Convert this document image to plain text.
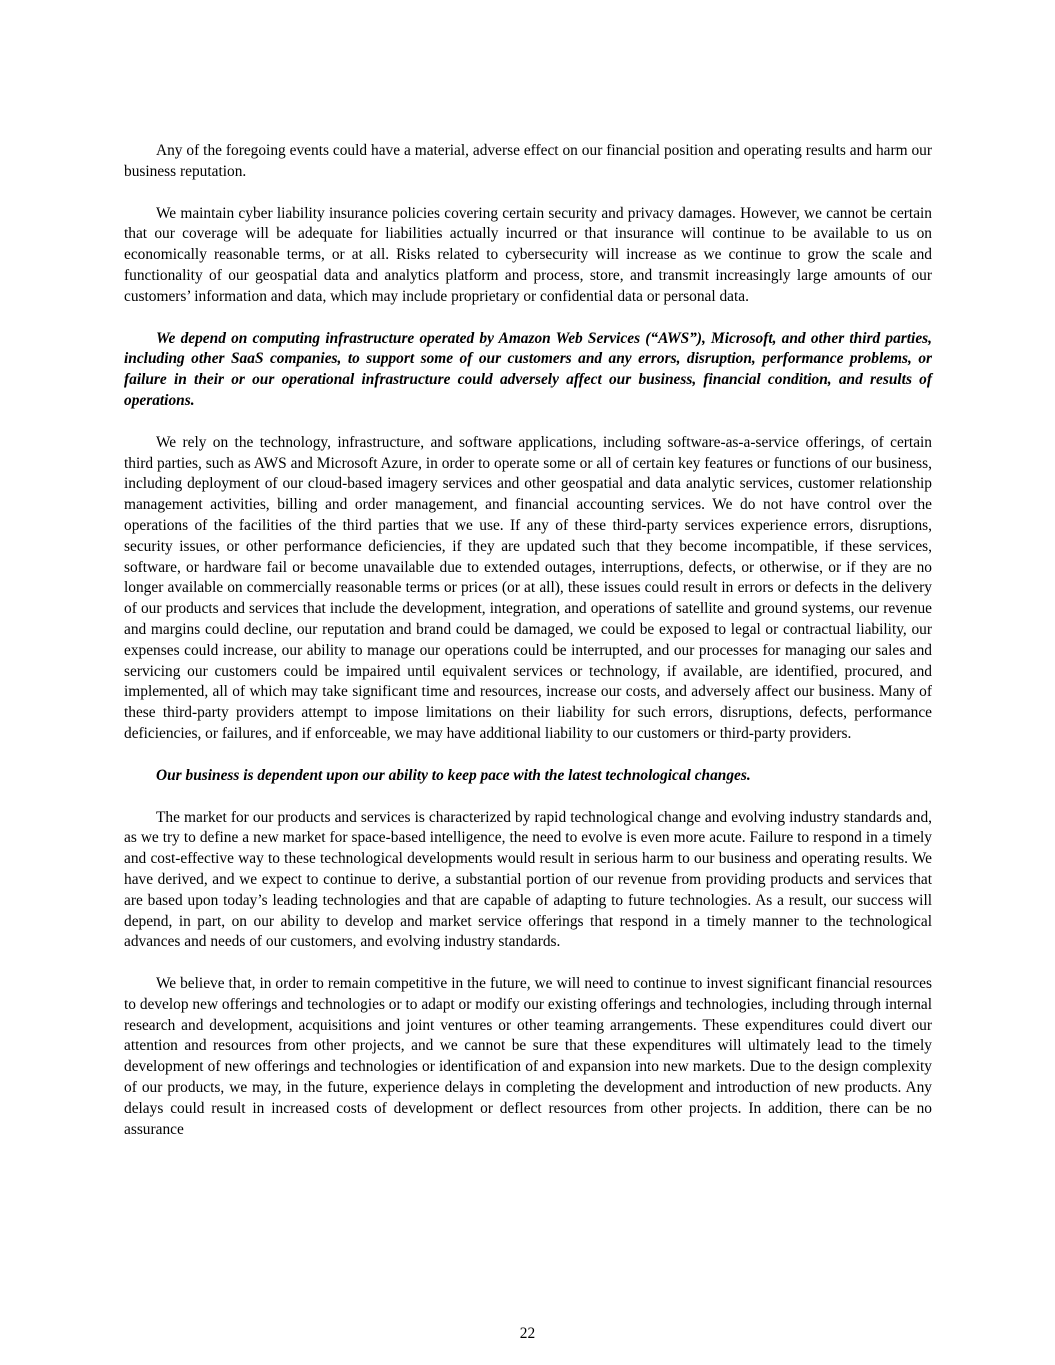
Any of the foregoing events could have a material, adverse effect on our financial position and operating results and harm our business reputation.

We maintain cyber liability insurance policies covering certain security and privacy damages. However, we cannot be certain that our coverage will be adequate for liabilities actually incurred or that insurance will continue to be available to us on economically reasonable terms, or at all. Risks related to cybersecurity will increase as we continue to grow the scale and functionality of our geospatial data and analytics platform and process, store, and transmit increasingly large amounts of our customers’ information and data, which may include proprietary or confidential data or personal data.

We depend on computing infrastructure operated by Amazon Web Services (“AWS”), Microsoft, and other third parties, including other SaaS companies, to support some of our customers and any errors, disruption, performance problems, or failure in their or our operational infrastructure could adversely affect our business, financial condition, and results of operations.

We rely on the technology, infrastructure, and software applications, including software-as-a-service offerings, of certain third parties, such as AWS and Microsoft Azure, in order to operate some or all of certain key features or functions of our business, including deployment of our cloud-based imagery services and other geospatial and data analytic services, customer relationship management activities, billing and order management, and financial accounting services. We do not have control over the operations of the facilities of the third parties that we use. If any of these third-party services experience errors, disruptions, security issues, or other performance deficiencies, if they are updated such that they become incompatible, if these services, software, or hardware fail or become unavailable due to extended outages, interruptions, defects, or otherwise, or if they are no longer available on commercially reasonable terms or prices (or at all), these issues could result in errors or defects in the delivery of our products and services that include the development, integration, and operations of satellite and ground systems, our revenue and margins could decline, our reputation and brand could be damaged, we could be exposed to legal or contractual liability, our expenses could increase, our ability to manage our operations could be interrupted, and our processes for managing our sales and servicing our customers could be impaired until equivalent services or technology, if available, are identified, procured, and implemented, all of which may take significant time and resources, increase our costs, and adversely affect our business. Many of these third-party providers attempt to impose limitations on their liability for such errors, disruptions, defects, performance deficiencies, or failures, and if enforceable, we may have additional liability to our customers or third-party providers.

Our business is dependent upon our ability to keep pace with the latest technological changes.

The market for our products and services is characterized by rapid technological change and evolving industry standards and, as we try to define a new market for space-based intelligence, the need to evolve is even more acute. Failure to respond in a timely and cost-effective way to these technological developments would result in serious harm to our business and operating results. We have derived, and we expect to continue to derive, a substantial portion of our revenue from providing products and services that are based upon today’s leading technologies and that are capable of adapting to future technologies. As a result, our success will depend, in part, on our ability to develop and market service offerings that respond in a timely manner to the technological advances and needs of our customers, and evolving industry standards.

We believe that, in order to remain competitive in the future, we will need to continue to invest significant financial resources to develop new offerings and technologies or to adapt or modify our existing offerings and technologies, including through internal research and development, acquisitions and joint ventures or other teaming arrangements. These expenditures could divert our attention and resources from other projects, and we cannot be sure that these expenditures will ultimately lead to the timely development of new offerings and technologies or identification of and expansion into new markets. Due to the design complexity of our products, we may, in the future, experience delays in completing the development and introduction of new products. Any delays could result in increased costs of development or deflect resources from other projects. In addition, there can be no assurance

22
